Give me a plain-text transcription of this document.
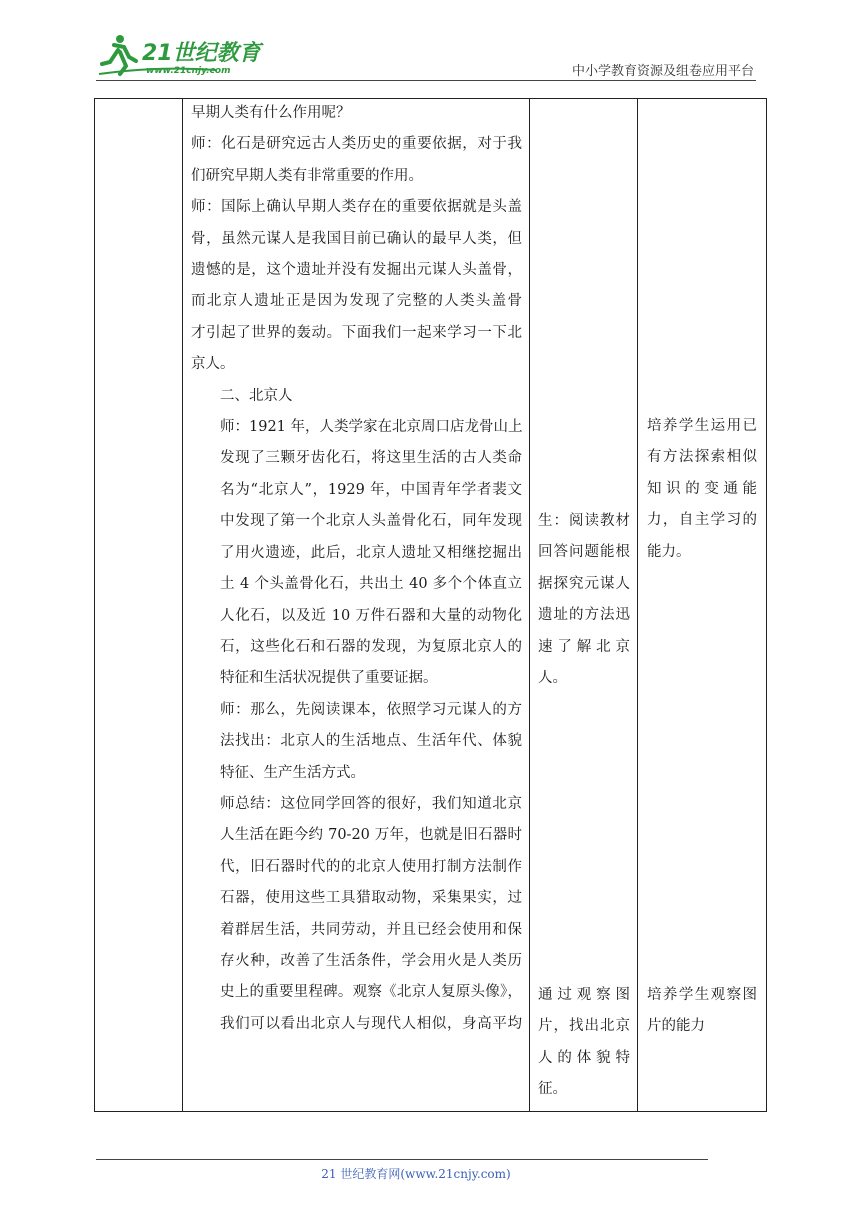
21世纪教育
www.21cnjy.com	中小学教育资源及组卷应用平台

早期人类有什么作用呢？

师：化石是研究远古人类历史的重要依据，对于我

们研究早期人类有非常重要的作用。

师：国际上确认早期人类存在的重要依据就是头盖

骨，虽然元谋人是我国目前已确认的最早人类，但

遗憾的是，这个遗址并没有发掘出元谋人头盖骨，

而北京人遗址正是因为发现了完整的人类头盖骨

才引起了世界的轰动。下面我们一起来学习一下北

京人。

二、北京人

师：1921 年，人类学家在北京周口店龙骨山上

发现了三颗牙齿化石，将这里生活的古人类命

名为“北京人”，1929 年，中国青年学者裴文

中发现了第一个北京人头盖骨化石，同年发现

了用火遗迹，此后，北京人遗址又相继挖掘出

土 4 个头盖骨化石，共出土 40 多个个体直立

人化石，以及近 10 万件石器和大量的动物化

石，这些化石和石器的发现，为复原北京人的

特征和生活状况提供了重要证据。

师：那么，先阅读课本，依照学习元谋人的方

法找出：北京人的生活地点、生活年代、体貌

特征、生产生活方式。

师总结：这位同学回答的很好，我们知道北京

人生活在距今约 70-20 万年，也就是旧石器时

代，旧石器时代的的北京人使用打制方法制作

石器，使用这些工具猎取动物，采集果实，过

着群居生活，共同劳动，并且已经会使用和保

存火种，改善了生活条件，学会用火是人类历

史上的重要里程碑。观察《北京人复原头像》，

我们可以看出北京人与现代人相似，身高平均

生：阅读教材

回答问题能根

据探究元谋人

遗址的方法迅

速 了 解 北 京

人。

通 过 观 察 图

片，找出北京

人 的 体 貌 特

征。

培养学生运用已

有方法探索相似

知 识 的 变 通 能

力，自主学习的

能力。

培养学生观察图

片的能力

21 世纪教育网(www.21cnjy.com)
